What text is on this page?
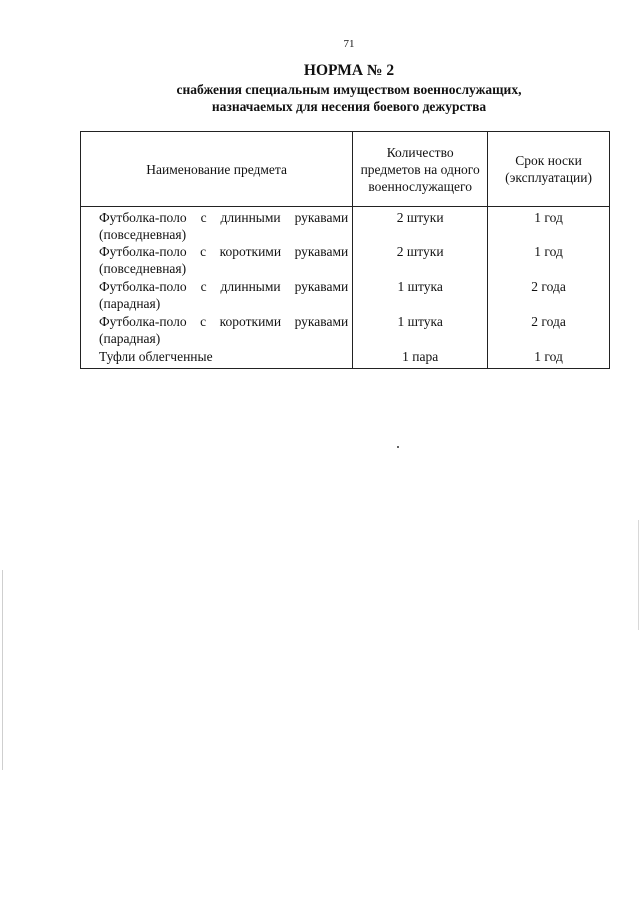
71
НОРМА № 2
снабжения специальным имуществом военнослужащих,
назначаемых для несения боевого дежурства
Наименование предмета	Количество предметов на одного военнослужащего	Срок носки (эксплуатации)
Футболка-поло с длинными рукавами (повседневная)	2 штуки	1 год
Футболка-поло с короткими рукавами (повседневная)	2 штуки	1 год
Футболка-поло с длинными рукавами (парадная)	1 штука	2 года
Футболка-поло с короткими рукавами (парадная)	1 штука	2 года
Туфли облегченные	1 пара	1 год
